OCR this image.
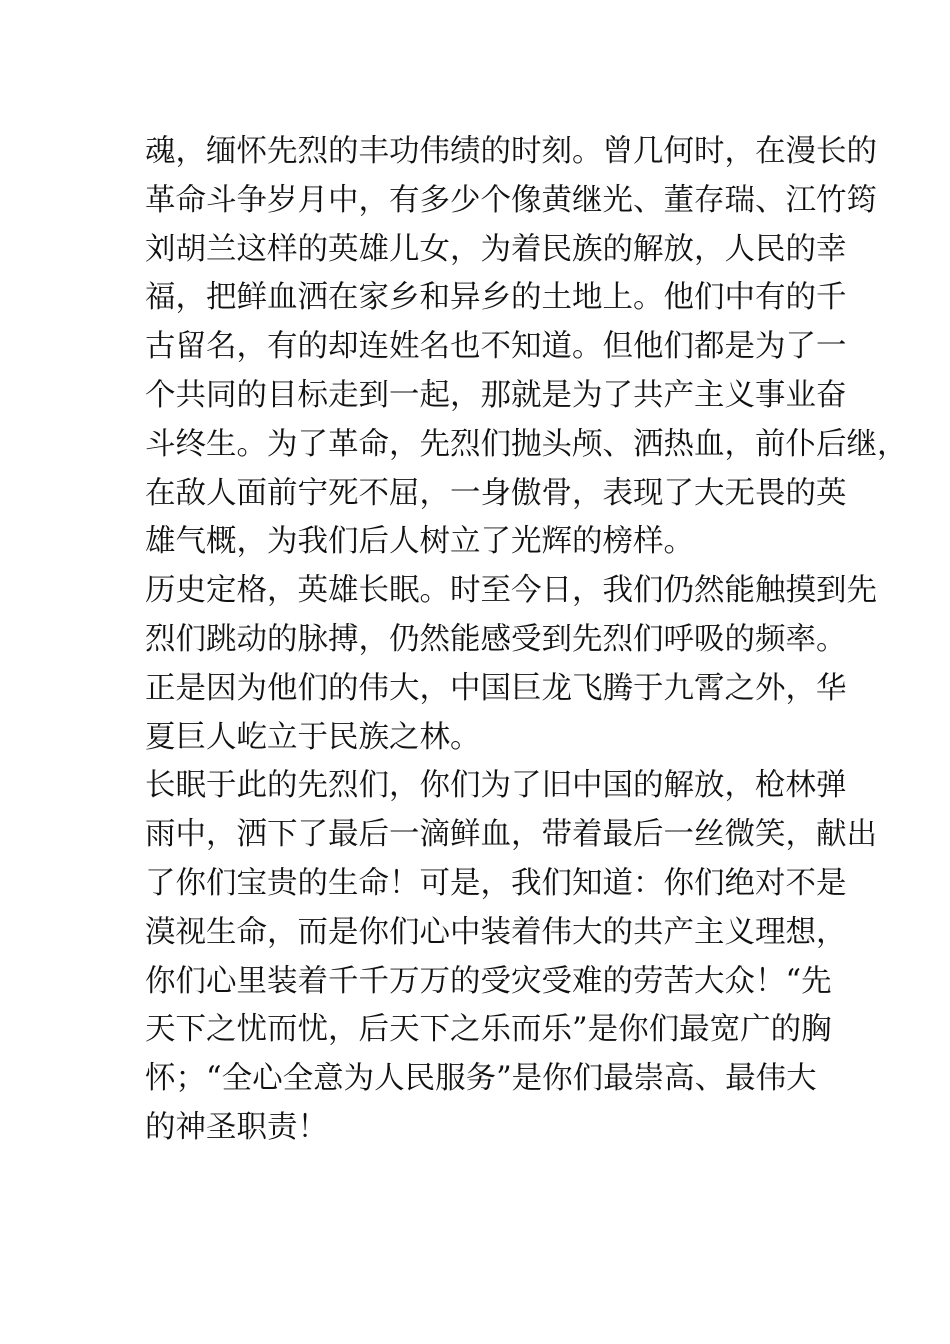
魂，缅怀先烈的丰功伟绩的时刻。曾几何时，在漫长的
革命斗争岁月中，有多少个像黄继光、董存瑞、江竹筠
刘胡兰这样的英雄儿女，为着民族的解放，人民的幸
福，把鲜血洒在家乡和异乡的土地上。他们中有的千
古留名，有的却连姓名也不知道。但他们都是为了一
个共同的目标走到一起，那就是为了共产主义事业奋
斗终生。为了革命，先烈们抛头颅、洒热血，前仆后继，
在敌人面前宁死不屈，一身傲骨，表现了大无畏的英
雄气概，为我们后人树立了光辉的榜样。
历史定格，英雄长眠。时至今日，我们仍然能触摸到先
烈们跳动的脉搏，仍然能感受到先烈们呼吸的频率。
正是因为他们的伟大，中国巨龙飞腾于九霄之外，华
夏巨人屹立于民族之林。
长眠于此的先烈们，你们为了旧中国的解放，枪林弹
雨中，洒下了最后一滴鲜血，带着最后一丝微笑，献出
了你们宝贵的生命！可是，我们知道：你们绝对不是
漠视生命，而是你们心中装着伟大的共产主义理想，
你们心里装着千千万万的受灾受难的劳苦大众！“先
天下之忧而忧，后天下之乐而乐”是你们最宽广的胸
怀；“全心全意为人民服务”是你们最崇高、最伟大
的神圣职责！
